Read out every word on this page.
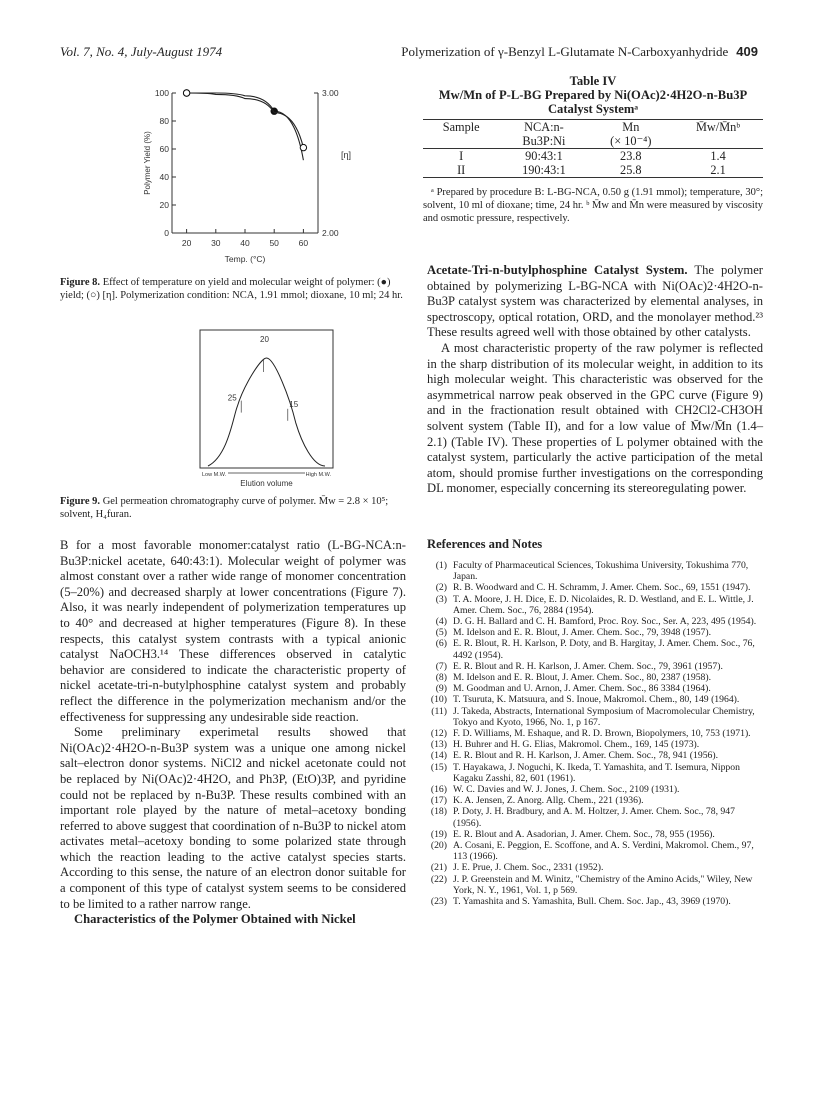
Vol. 7, No. 4, July-August 1974	Polymerization of γ-Benzyl L-Glutamate N-Carboxyanhydride 409
0
20
40
60
80
100
20 30 40 50 60
2.00
3.00
Polymer Yield (%)
Temp. (°C)
[η]
Figure 8. Effect of temperature on yield and molecular weight of polymer: (●) yield; (○) [η]. Polymerization condition: NCA, 1.91 mmol; dioxane, 10 ml; 24 hr.
20
15
25
Low M.W.	High M.W.
Elution volume
Figure 9. Gel permeation chromatography curve of polymer. M̄w = 2.8 × 10⁵; solvent, H₄furan.

B for a most favorable monomer:catalyst ratio (L-BG-NCA:n-Bu3P:nickel acetate, 640:43:1). Molecular weight of polymer was almost constant over a rather wide range of monomer concentration (5–20%) and decreased sharply at lower concentrations (Figure 7). Also, it was nearly independent of polymerization temperatures up to 40° and decreased at higher temperatures (Figure 8). In these respects, this catalyst system contrasts with a typical anionic catalyst NaOCH3.¹⁴ These differences observed in catalytic behavior are considered to indicate the characteristic property of nickel acetate-tri-n-butylphosphine catalyst system and probably reflect the difference in the polymerization mechanism and/or the effectiveness for suppressing any undesirable side reaction.

Some preliminary experimetal results showed that Ni(OAc)2·4H2O-n-Bu3P system was a unique one among nickel salt–electron donor systems. NiCl2 and nickel acetonate could not be replaced by Ni(OAc)2·4H2O, and Ph3P, (EtO)3P, and pyridine could not be replaced by n-Bu3P. These results combined with an important role played by the nature of metal–acetoxy bonding referred to above suggest that coordination of n-Bu3P to nickel atom activates metal–acetoxy bonding to some polarized state through which the reaction leading to the active catalyst species starts. According to this sense, the nature of an electron donor suitable for a component of this type of catalyst system seems to be considered to be limited to a rather narrow range.

Characteristics of the Polymer Obtained with Nickel

Table IV
Mw/Mn of P-L-BG Prepared by Ni(OAc)2·4H2O-n-Bu3P
Catalyst Systemᵃ
Sample	NCA:n-	Mn	M̄w/M̄nᵇ
	Bu3P:Ni	(× 10⁻⁴)	
I	90:43:1	23.8	1.4
II	190:43:1	25.8	2.1
ᵃ Prepared by procedure B: L-BG-NCA, 0.50 g (1.91 mmol); temperature, 30°; solvent, 10 ml of dioxane; time, 24 hr. ᵇ M̄w and M̄n were measured by viscosity and osmotic pressure, respectively.

Acetate-Tri-n-butylphosphine Catalyst System. The polymer obtained by polymerizing L-BG-NCA with Ni(OAc)2·4H2O-n-Bu3P catalyst system was characterized by elemental analyses, in spectroscopy, optical rotation, ORD, and the monolayer method.²³ These results agreed well with those obtained by other catalysts.

A most characteristic property of the raw polymer is reflected in the sharp distribution of its molecular weight, in addition to its high molecular weight. This characteristic was observed for the asymmetrical narrow peak observed in the GPC curve (Figure 9) and in the fractionation result obtained with CH2Cl2-CH3OH solvent system (Table II), and for a low value of M̄w/M̄n (1.4–2.1) (Table IV). These properties of L polymer obtained with the catalyst system, particularly the active participation of the metal atom, should promise further investigations on the corresponding DL monomer, especially concerning its stereoregulating power.

References and Notes
(1) Faculty of Pharmaceutical Sciences, Tokushima University, Tokushima 770, Japan.
(2) R. B. Woodward and C. H. Schramm, J. Amer. Chem. Soc., 69, 1551 (1947).
(3) T. A. Moore, J. H. Dice, E. D. Nicolaides, R. D. Westland, and E. L. Wittle, J. Amer. Chem. Soc., 76, 2884 (1954).
(4) D. G. H. Ballard and C. H. Bamford, Proc. Roy. Soc., Ser. A, 223, 495 (1954).
(5) M. Idelson and E. R. Blout, J. Amer. Chem. Soc., 79, 3948 (1957).
(6) E. R. Blout, R. H. Karlson, P. Doty, and B. Hargitay, J. Amer. Chem. Soc., 76, 4492 (1954).
(7) E. R. Blout and R. H. Karlson, J. Amer. Chem. Soc., 79, 3961 (1957).
(8) M. Idelson and E. R. Blout, J. Amer. Chem. Soc., 80, 2387 (1958).
(9) M. Goodman and U. Arnon, J. Amer. Chem. Soc., 86 3384 (1964).
(10) T. Tsuruta, K. Matsuura, and S. Inoue, Makromol. Chem., 80, 149 (1964).
(11) J. Takeda, Abstracts, International Symposium of Macromolecular Chemistry, Tokyo and Kyoto, 1966, No. 1, p 167.
(12) F. D. Williams, M. Eshaque, and R. D. Brown, Biopolymers, 10, 753 (1971).
(13) H. Buhrer and H. G. Elias, Makromol. Chem., 169, 145 (1973).
(14) E. R. Blout and R. H. Karlson, J. Amer. Chem. Soc., 78, 941 (1956).
(15) T. Hayakawa, J. Noguchi, K. Ikeda, T. Yamashita, and T. Isemura, Nippon Kagaku Zasshi, 82, 601 (1961).
(16) W. C. Davies and W. J. Jones, J. Chem. Soc., 2109 (1931).
(17) K. A. Jensen, Z. Anorg. Allg. Chem., 221 (1936).
(18) P. Doty, J. H. Bradbury, and A. M. Holtzer, J. Amer. Chem. Soc., 78, 947 (1956).
(19) E. R. Blout and A. Asadorian, J. Amer. Chem. Soc., 78, 955 (1956).
(20) A. Cosani, E. Peggion, E. Scoffone, and A. S. Verdini, Makromol. Chem., 97, 113 (1966).
(21) J. E. Prue, J. Chem. Soc., 2331 (1952).
(22) J. P. Greenstein and M. Winitz, "Chemistry of the Amino Acids," Wiley, New York, N. Y., 1961, Vol. 1, p 569.
(23) T. Yamashita and S. Yamashita, Bull. Chem. Soc. Jap., 43, 3969 (1970).
